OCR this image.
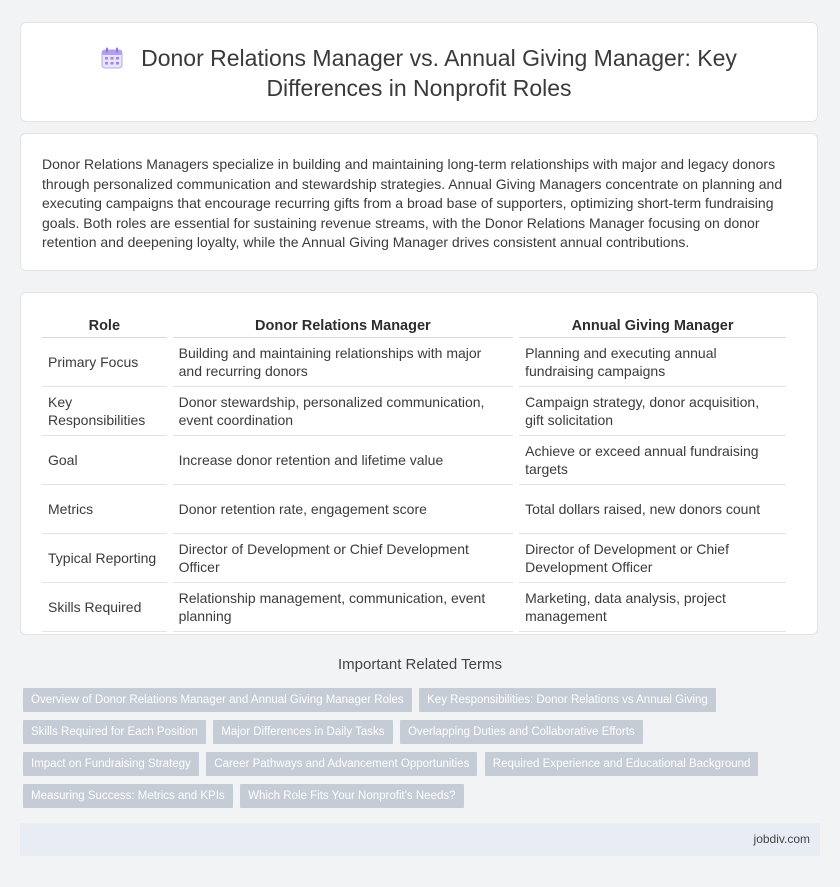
Donor Relations Manager vs. Annual Giving Manager: Key Differences in Nonprofit Roles
Donor Relations Managers specialize in building and maintaining long-term relationships with major and legacy donors through personalized communication and stewardship strategies. Annual Giving Managers concentrate on planning and executing campaigns that encourage recurring gifts from a broad base of supporters, optimizing short-term fundraising goals. Both roles are essential for sustaining revenue streams, with the Donor Relations Manager focusing on donor retention and deepening loyalty, while the Annual Giving Manager drives consistent annual contributions.
Role	Donor Relations Manager	Annual Giving Manager
Primary Focus	Building and maintaining relationships with major and recurring donors	Planning and executing annual fundraising campaigns
Key Responsibilities	Donor stewardship, personalized communication, event coordination	Campaign strategy, donor acquisition, gift solicitation
Goal	Increase donor retention and lifetime value	Achieve or exceed annual fundraising targets
Metrics	Donor retention rate, engagement score	Total dollars raised, new donors count
Typical Reporting	Director of Development or Chief Development Officer	Director of Development or Chief Development Officer
Skills Required	Relationship management, communication, event planning	Marketing, data analysis, project management
Important Related Terms
Overview of Donor Relations Manager and Annual Giving Manager Roles Key Responsibilities: Donor Relations vs Annual Giving Skills Required for Each Position Major Differences in Daily Tasks Overlapping Duties and Collaborative Efforts Impact on Fundraising Strategy Career Pathways and Advancement Opportunities Required Experience and Educational Background Measuring Success: Metrics and KPIs Which Role Fits Your Nonprofit's Needs?
jobdiv.com
